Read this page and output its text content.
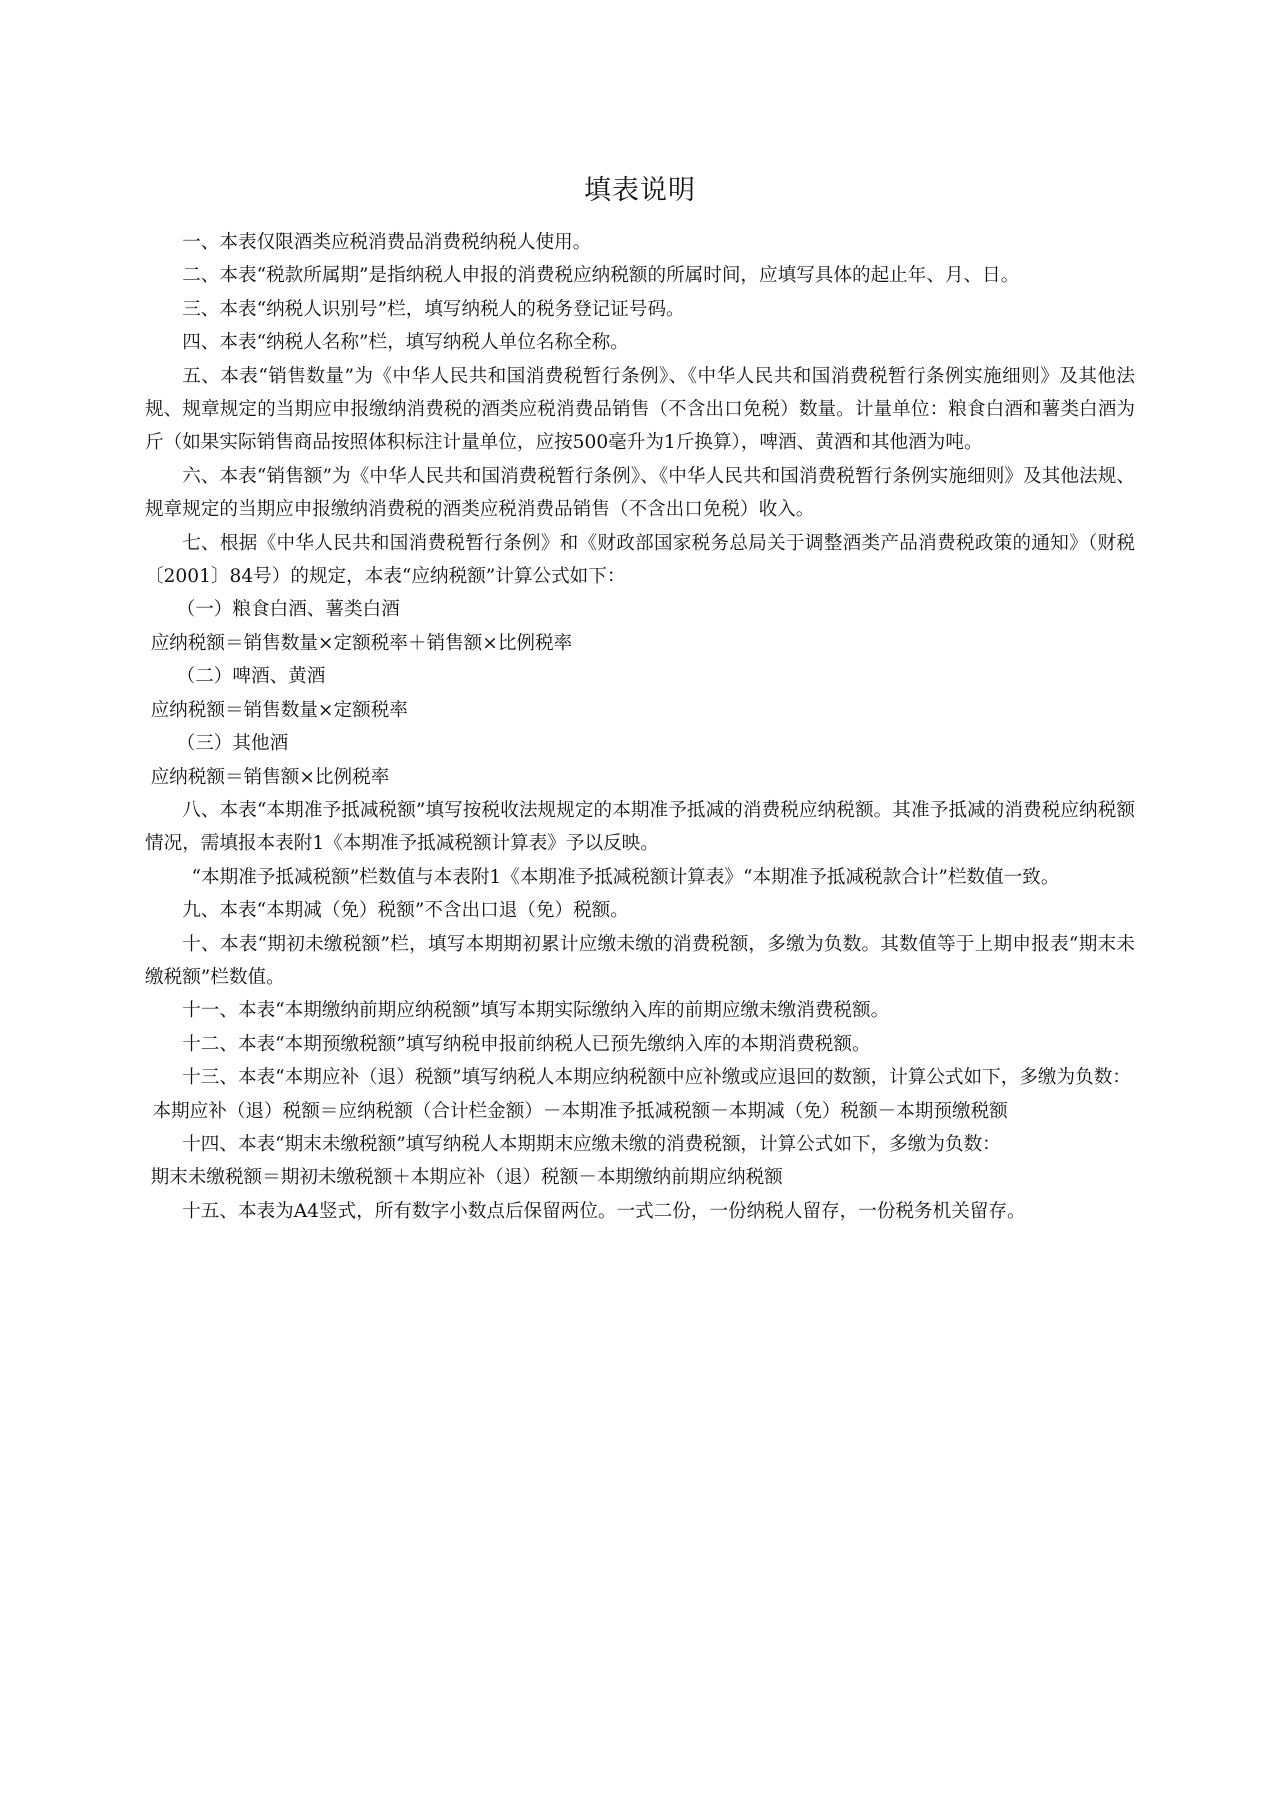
填表说明

一、本表仅限酒类应税消费品消费税纳税人使用。

二、本表“税款所属期”是指纳税人申报的消费税应纳税额的所属时间，应填写具体的起止年、月、日。

三、本表“纳税人识别号”栏，填写纳税人的税务登记证号码。

四、本表“纳税人名称”栏，填写纳税人单位名称全称。

五、本表“销售数量”为《中华人民共和国消费税暂行条例》、《中华人民共和国消费税暂行条例实施细则》及其他法规、规章规定的当期应申报缴纳消费税的酒类应税消费品销售（不含出口免税）数量。计量单位：粮食白酒和薯类白酒为斤（如果实际销售商品按照体积标注计量单位，应按500毫升为1斤换算），啤酒、黄酒和其他酒为吨。

六、本表“销售额”为《中华人民共和国消费税暂行条例》、《中华人民共和国消费税暂行条例实施细则》及其他法规、规章规定的当期应申报缴纳消费税的酒类应税消费品销售（不含出口免税）收入。

七、根据《中华人民共和国消费税暂行条例》和《财政部国家税务总局关于调整酒类产品消费税政策的通知》（财税〔2001〕84号）的规定，本表“应纳税额”计算公式如下：

（一）粮食白酒、薯类白酒

应纳税额＝销售数量×定额税率＋销售额×比例税率

（二）啤酒、黄酒

应纳税额＝销售数量×定额税率

（三）其他酒

应纳税额＝销售额×比例税率

八、本表“本期准予抵减税额”填写按税收法规规定的本期准予抵减的消费税应纳税额。其准予抵减的消费税应纳税额情况，需填报本表附1《本期准予抵减税额计算表》予以反映。

“本期准予抵减税额”栏数值与本表附1《本期准予抵减税额计算表》“本期准予抵减税款合计”栏数值一致。

九、本表“本期减（免）税额”不含出口退（免）税额。

十、本表“期初未缴税额”栏，填写本期期初累计应缴未缴的消费税额，多缴为负数。其数值等于上期申报表“期末未缴税额”栏数值。

十一、本表“本期缴纳前期应纳税额”填写本期实际缴纳入库的前期应缴未缴消费税额。

十二、本表“本期预缴税额”填写纳税申报前纳税人已预先缴纳入库的本期消费税额。

十三、本表“本期应补（退）税额”填写纳税人本期应纳税额中应补缴或应退回的数额，计算公式如下，多缴为负数：

本期应补（退）税额＝应纳税额（合计栏金额）－本期准予抵减税额－本期减（免）税额－本期预缴税额

十四、本表“期末未缴税额”填写纳税人本期期末应缴未缴的消费税额，计算公式如下，多缴为负数：

期末未缴税额＝期初未缴税额＋本期应补（退）税额－本期缴纳前期应纳税额

十五、本表为A4竖式，所有数字小数点后保留两位。一式二份，一份纳税人留存，一份税务机关留存。
